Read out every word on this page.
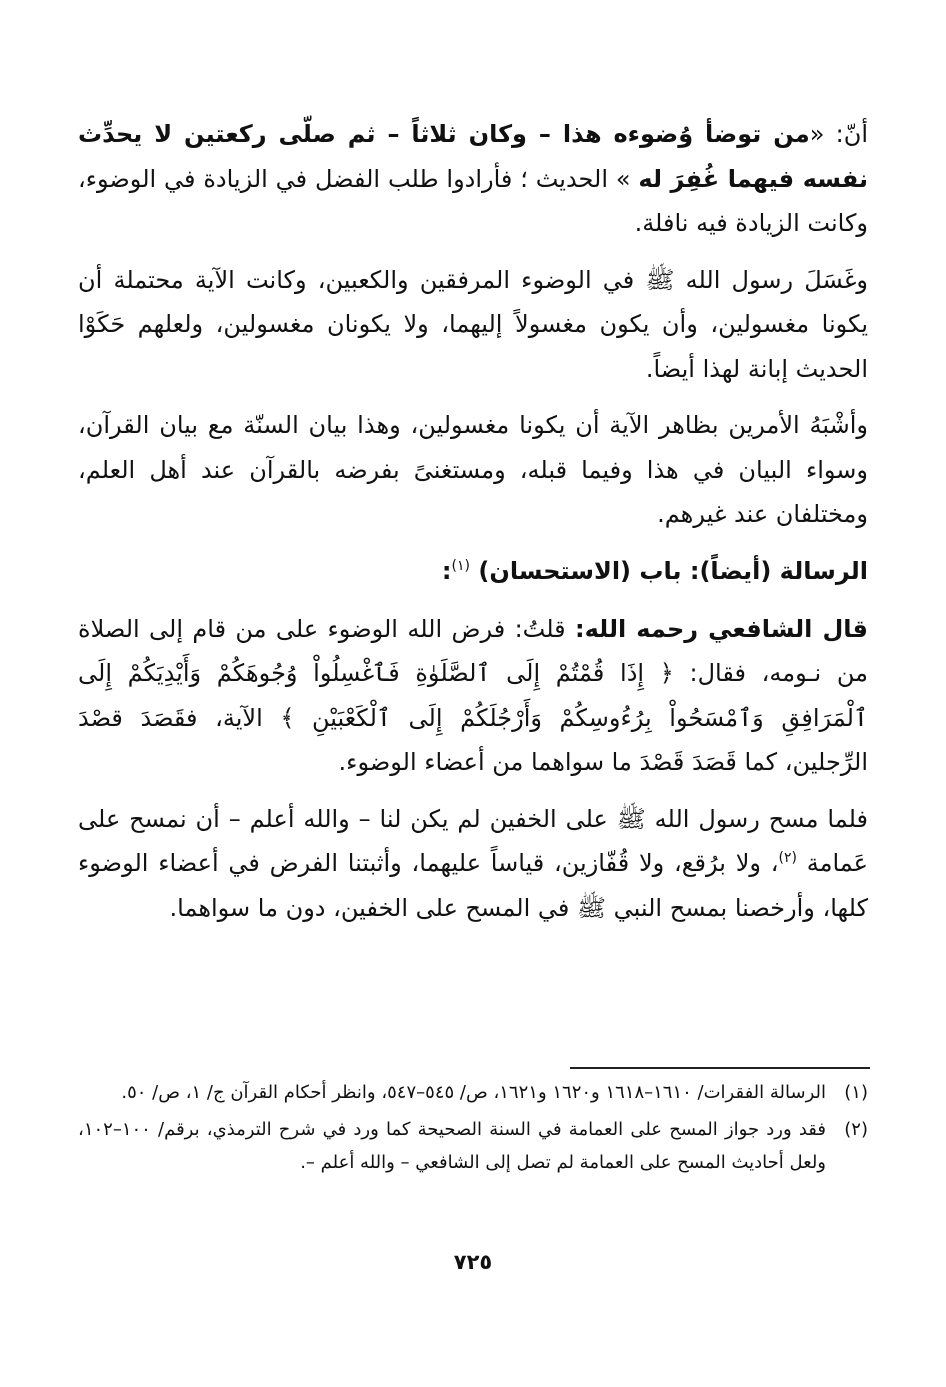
أنّ: «من توضأ وُضوءه هذا – وكان ثلاثاً – ثم صلّى ركعتين لا يحدِّث نفسه فيهما غُفِرَ له » الحديث ؛ فأرادوا طلب الفضل في الزيادة في الوضوء، وكانت الزيادة فيه نافلة.

وغَسَلَ رسول الله ﷺ في الوضوء المرفقين والكعبين، وكانت الآية محتملة أن يكونا مغسولين، وأن يكون مغسولاً إليهما، ولا يكونان مغسولين، ولعلهم حَكَوْا الحديث إبانة لهذا أيضاً.

وأشْبَهُ الأمرين بظاهر الآية أن يكونا مغسولين، وهذا بيان السنّة مع بيان القرآن، وسواء البيان في هذا وفيما قبله، ومستغنىً بفرضه بالقرآن عند أهل العلم، ومختلفان عند غيرهم.

الرسالة (أيضاً): باب (الاستحسان) $^{(١)}$:

قال الشافعي رحمه الله: قلتُ: فرض الله الوضوء على من قام إلى الصلاة من نـومه، فقال: ﴿ إِذَا قُمْتُمْ إِلَى ٱلصَّلَوٰةِ فَٱغْسِلُواْ وُجُوهَكُمْ وَأَيْدِيَكُمْ إِلَى ٱلْمَرَافِقِ وَٱمْسَحُواْ بِرُءُوسِكُمْ وَأَرْجُلَكُمْ إِلَى ٱلْكَعْبَيْنِ ﴾ الآية، فقَصَدَ قصْدَ الرِّجلين، كما قَصَدَ قَصْدَ ما سواهما من أعضاء الوضوء.

فلما مسح رسول الله ﷺ على الخفين لم يكن لنا – والله أعلم – أن نمسح على عَمامة $^{(٢)}$، ولا برُقع، ولا قُفّازين، قياساً عليهما، وأثبتنا الفرض في أعضاء الوضوء كلها، وأرخصنا بمسح النبي ﷺ في المسح على الخفين، دون ما سواهما.

(١)
الرسالة الفقرات/ ١٦١٠–١٦١٨ و١٦٢٠ و١٦٢١، ص/ ٥٤٥–٥٤٧، وانظر أحكام القرآن ج/ ١، ص/ ٥٠.
(٢)
فقد ورد جواز المسح على العمامة في السنة الصحيحة كما ورد في شرح الترمذي، برقم/ ١٠٠–١٠٢، ولعل أحاديث المسح على العمامة لم تصل إلى الشافعي – والله أعلم –.
٧٢٥
